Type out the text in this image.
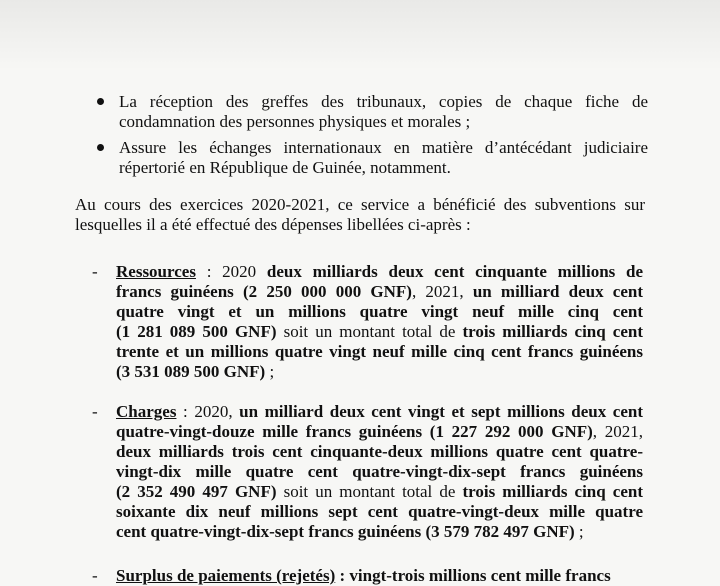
La réception des greffes des tribunaux, copies de chaque fiche de
condamnation des personnes physiques et morales ;
Assure les échanges internationaux en matière d’antécédant judiciaire
répertorié en République de Guinée, notamment.
Au cours des exercices 2020-2021, ce service a bénéficié des subventions sur
lesquelles il a été effectué des dépenses libellées ci-après :
- Ressources : 2020 deux milliards deux cent cinquante millions de
francs guinéens (2 250 000 000 GNF), 2021, un milliard deux cent
quatre vingt et un millions quatre vingt neuf mille cinq cent
(1 281 089 500 GNF) soit un montant total de trois milliards cinq cent
trente et un millions quatre vingt neuf mille cinq cent francs guinéens
(3 531 089 500 GNF) ;
- Charges : 2020, un milliard deux cent vingt et sept millions deux cent
quatre-vingt-douze mille francs guinéens (1 227 292 000 GNF), 2021,
deux milliards trois cent cinquante-deux millions quatre cent quatre-
vingt-dix mille quatre cent quatre-vingt-dix-sept francs guinéens
(2 352 490 497 GNF) soit un montant total de trois milliards cinq cent
soixante dix neuf millions sept cent quatre-vingt-deux mille quatre
cent quatre-vingt-dix-sept francs guinéens (3 579 782 497 GNF) ;
- Surplus de paiements (rejetés) : vingt-trois millions cent mille francs
